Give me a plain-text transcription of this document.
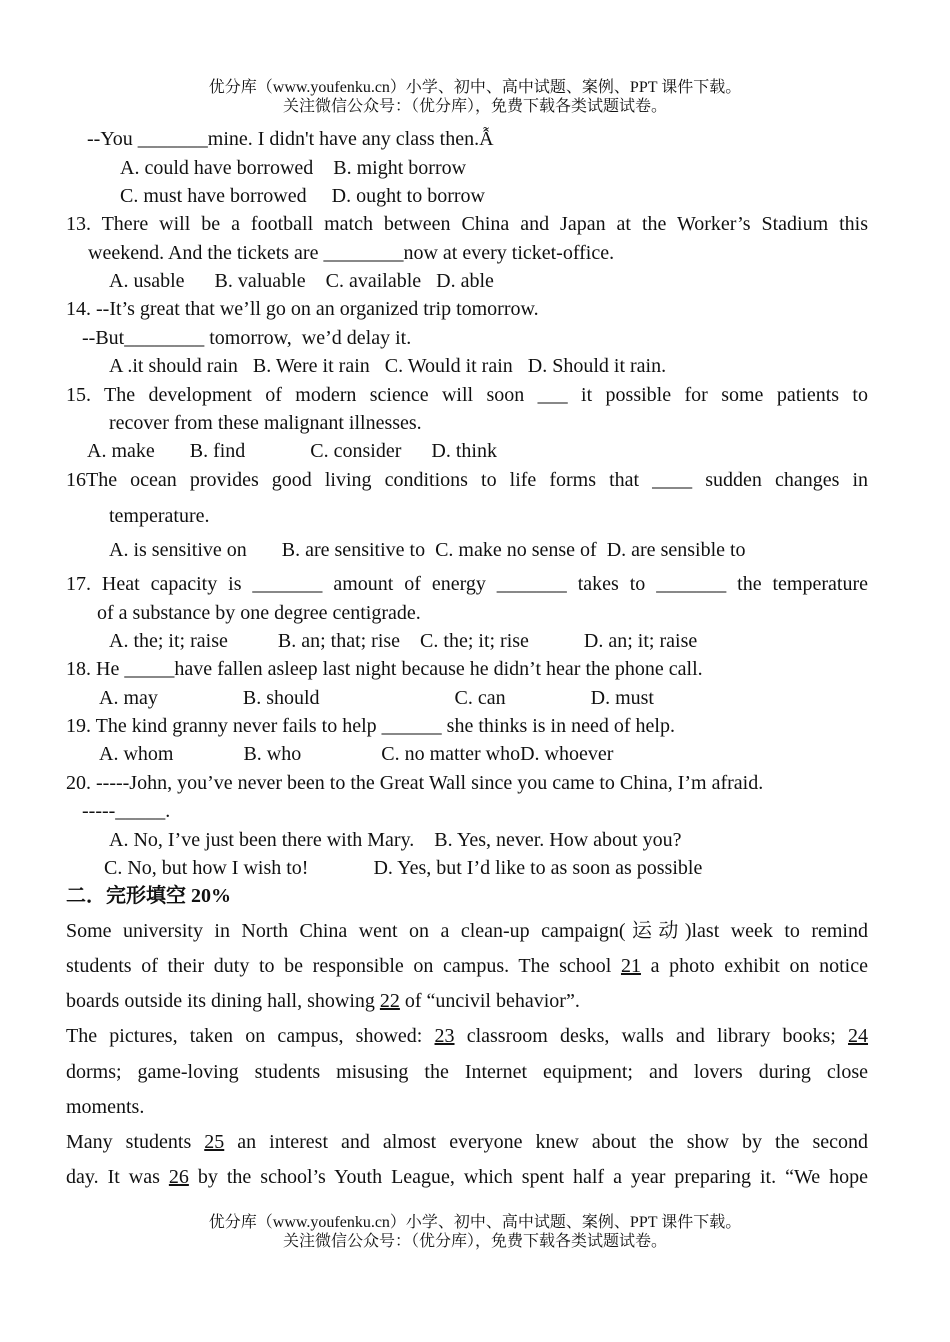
优分库（www.youfenku.cn）小学、初中、高中试题、案例、PPT 课件下载。
关注微信公众号：（优分库），免费下载各类试题试卷。
--You _______mine. I didn't have any class then.Ẫ
A. could have borrowed    B. might borrow
C. must have borrowed     D. ought to borrow
13. There will be a football match between China and Japan at the Worker’s Stadium this
weekend. And the tickets are ________now at every ticket-office.
A. usable      B. valuable    C. available   D. able
14. --It’s great that we’ll go on an organized trip tomorrow.
--But________ tomorrow,  we’d delay it.
A .it should rain   B. Were it rain   C. Would it rain   D. Should it rain.
15. The development of modern science will soon ___ it possible for some patients to
recover from these malignant illnesses.
A. make       B. find             C. consider      D. think
16The ocean provides good living conditions to life forms that ____ sudden changes in
temperature.
A. is sensitive on       B. are sensitive to  C. make no sense of  D. are sensible to
17. Heat capacity is _______ amount of energy _______ takes to _______ the temperature
of a substance by one degree centigrade.
A. the; it; raise          B. an; that; rise    C. the; it; rise           D. an; it; raise
18. He _____have fallen asleep last night because he didn’t hear the phone call.
A. may                 B. should                           C. can                 D. must
19. The kind granny never fails to help ______ she thinks is in need of help.
A. whom              B. who                C. no matter whoD. whoever
20. -----John, you’ve never been to the Great Wall since you came to China, I’m afraid.
-----_____.
A. No, I’ve just been there with Mary.    B. Yes, never. How about you?
C. No, but how I wish to!             D. Yes, but I’d like to as soon as possible
二．完形填空 20%
Some university in North China went on a clean-up campaign(运动)last week to remind
students of their duty to be responsible on campus. The school 21 a photo exhibit on notice
boards outside its dining hall, showing 22 of “uncivil behavior”.
The pictures, taken on campus, showed: 23 classroom desks, walls and library books; 24
dorms; game-loving students misusing the Internet equipment; and lovers during close
moments.
Many students 25 an interest and almost everyone knew about the show by the second
day. It was 26 by the school’s Youth League, which spent half a year preparing it. “We hope
优分库（www.youfenku.cn）小学、初中、高中试题、案例、PPT 课件下载。
关注微信公众号：（优分库），免费下载各类试题试卷。
